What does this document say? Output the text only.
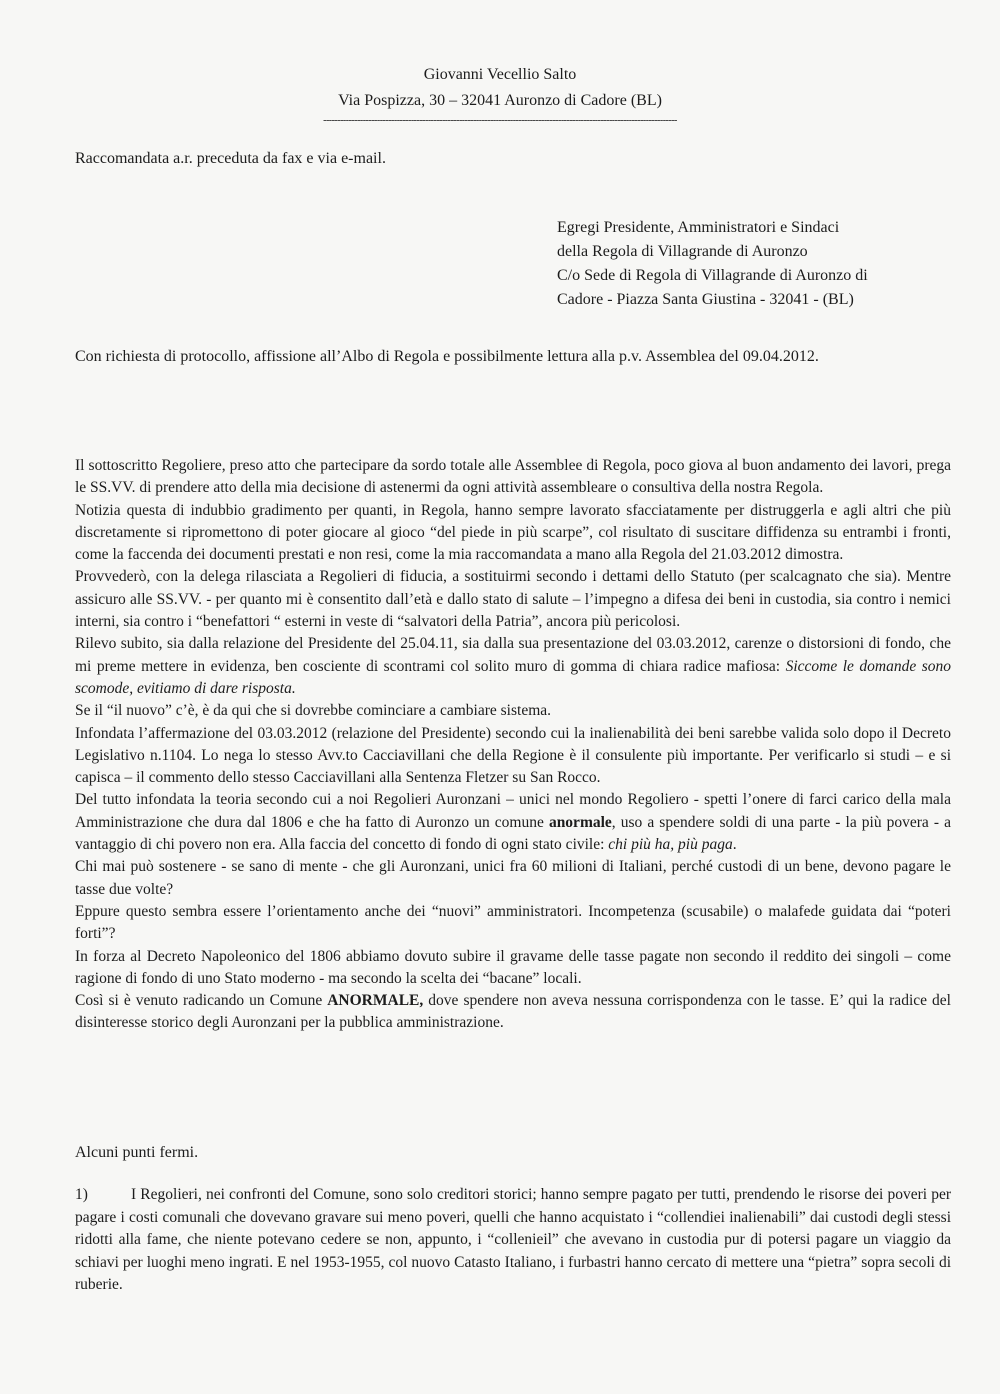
Giovanni Vecellio Salto
Via Pospizza, 30 – 32041 Auronzo di Cadore (BL)
-----------------------------------------------------------------------------------------------------------------------------
Raccomandata a.r. preceduta da fax e via e-mail.
Egregi Presidente, Amministratori e Sindaci
della Regola di Villagrande di Auronzo
C/o Sede di Regola di Villagrande di Auronzo di
Cadore - Piazza Santa Giustina - 32041 - (BL)
Con richiesta di protocollo, affissione all’Albo di Regola e possibilmente lettura alla p.v. Assemblea del 09.04.2012.

Il sottoscritto Regoliere, preso atto che partecipare da sordo totale alle Assemblee di Regola, poco giova al buon andamento dei lavori, prega le SS.VV. di prendere atto della mia decisione di astenermi da ogni attività assembleare o consultiva della nostra Regola.

Notizia questa di indubbio gradimento per quanti, in Regola, hanno sempre lavorato sfacciatamente per distruggerla e agli altri che più discretamente si ripromettono di poter giocare al gioco “del piede in più scarpe”, col risultato di suscitare diffidenza su entrambi i fronti, come la faccenda dei documenti prestati e non resi, come la mia raccomandata a mano alla Regola del 21.03.2012 dimostra.

Provvederò, con la delega rilasciata a Regolieri di fiducia, a sostituirmi secondo i dettami dello Statuto (per scalcagnato che sia). Mentre assicuro alle SS.VV. - per quanto mi è consentito dall’età e dallo stato di salute – l’impegno a difesa dei beni in custodia, sia contro i nemici interni, sia contro i “benefattori “ esterni in veste di “salvatori della Patria”, ancora più pericolosi.

Rilevo subito, sia dalla relazione del Presidente del 25.04.11, sia dalla sua presentazione del 03.03.2012, carenze o distorsioni di fondo, che mi preme mettere in evidenza, ben cosciente di scontrami col solito muro di gomma di chiara radice mafiosa: Siccome le domande sono scomode, evitiamo di dare risposta.

Se il “il nuovo” c’è, è da qui che si dovrebbe cominciare a cambiare sistema.

Infondata l’affermazione del 03.03.2012 (relazione del Presidente) secondo cui la inalienabilità dei beni sarebbe valida solo dopo il Decreto Legislativo n.1104. Lo nega lo stesso Avv.to Cacciavillani che della Regione è il consulente più importante. Per verificarlo si studi – e si capisca – il commento dello stesso Cacciavillani alla Sentenza Fletzer su San Rocco.

Del tutto infondata la teoria secondo cui a noi Regolieri Auronzani – unici nel mondo Regoliero - spetti l’onere di farci carico della mala Amministrazione che dura dal 1806 e che ha fatto di Auronzo un comune anormale, uso a spendere soldi di una parte - la più povera - a vantaggio di chi povero non era. Alla faccia del concetto di fondo di ogni stato civile: chi più ha, più paga.

Chi mai può sostenere - se sano di mente - che gli Auronzani, unici fra 60 milioni di Italiani, perché custodi di un bene, devono pagare le tasse due volte?

Eppure questo sembra essere l’orientamento anche dei “nuovi” amministratori. Incompetenza (scusabile) o malafede guidata dai “poteri forti”?

In forza al Decreto Napoleonico del 1806 abbiamo dovuto subire il gravame delle tasse pagate non secondo il reddito dei singoli – come ragione di fondo di uno Stato moderno - ma secondo la scelta dei “bacane” locali.

Così si è venuto radicando un Comune ANORMALE, dove spendere non aveva nessuna corrispondenza con le tasse. E’ qui la radice del disinteresse storico degli Auronzani per la pubblica amministrazione.

Alcuni punti fermi.
1)	I Regolieri, nei confronti del Comune, sono solo creditori storici; hanno sempre pagato per tutti, prendendo le risorse dei poveri per pagare i costi comunali che dovevano gravare sui meno poveri, quelli che hanno acquistato i “collendiei inalienabili” dai custodi degli stessi ridotti alla fame, che niente potevano cedere se non, appunto, i “collenieil” che avevano in custodia pur di potersi pagare un viaggio da schiavi per luoghi meno ingrati. E nel 1953-1955, col nuovo Catasto Italiano, i furbastri hanno cercato di mettere una “pietra” sopra secoli di ruberie.
